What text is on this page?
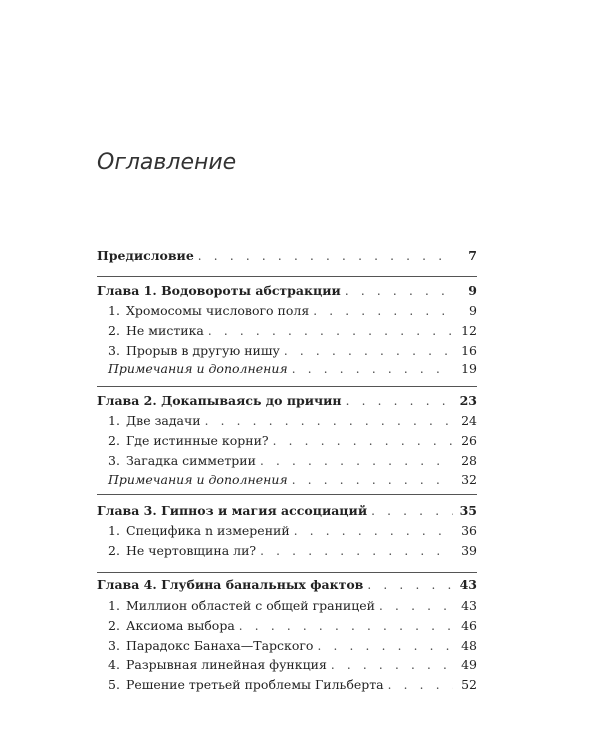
Оглавление
Предисловие . . .	7
Глава 1. Водовороты абстракции . . .	9
1. Хромосомы числового поля . . .	9
2. Не мистика . . .	12
3. Прорыв в другую нишу . . .	16
Примечания и дополнения . . .	19
Глава 2. Докапываясь до причин . . .	23
1. Две задачи . . .	24
2. Где истинные корни? . . .	26
3. Загадка симметрии . . .	28
Примечания и дополнения . . .	32
Глава 3. Гипноз и магия ассоциаций . . .	35
1. Специфика n измерений . . .	36
2. Не чертовщина ли? . . .	39
Глава 4. Глубина банальных фактов . . .	43
1. Миллион областей с общей границей . . .	43
2. Аксиома выбора . . .	46
3. Парадокс Банаха—Тарского . . .	48
4. Разрывная линейная функция . . .	49
5. Решение третьей проблемы Гильберта . . .	52
